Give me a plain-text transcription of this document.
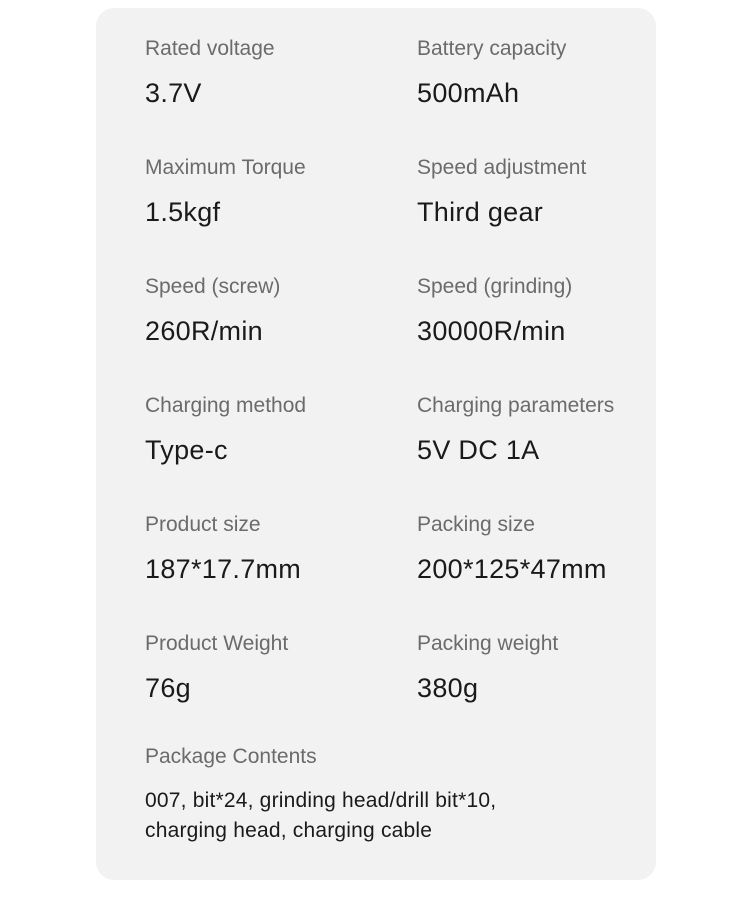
Rated voltage
3.7V
Battery capacity
500mAh
Maximum Torque
1.5kgf
Speed adjustment
Third gear
Speed (screw)
260R/min
Speed (grinding)
30000R/min
Charging method
Type-c
Charging parameters
5V DC 1A
Product size
187*17.7mm
Packing size
200*125*47mm
Product Weight
76g
Packing weight
380g
Package Contents
007, bit*24, grinding head/drill bit*10,
charging head, charging cable
